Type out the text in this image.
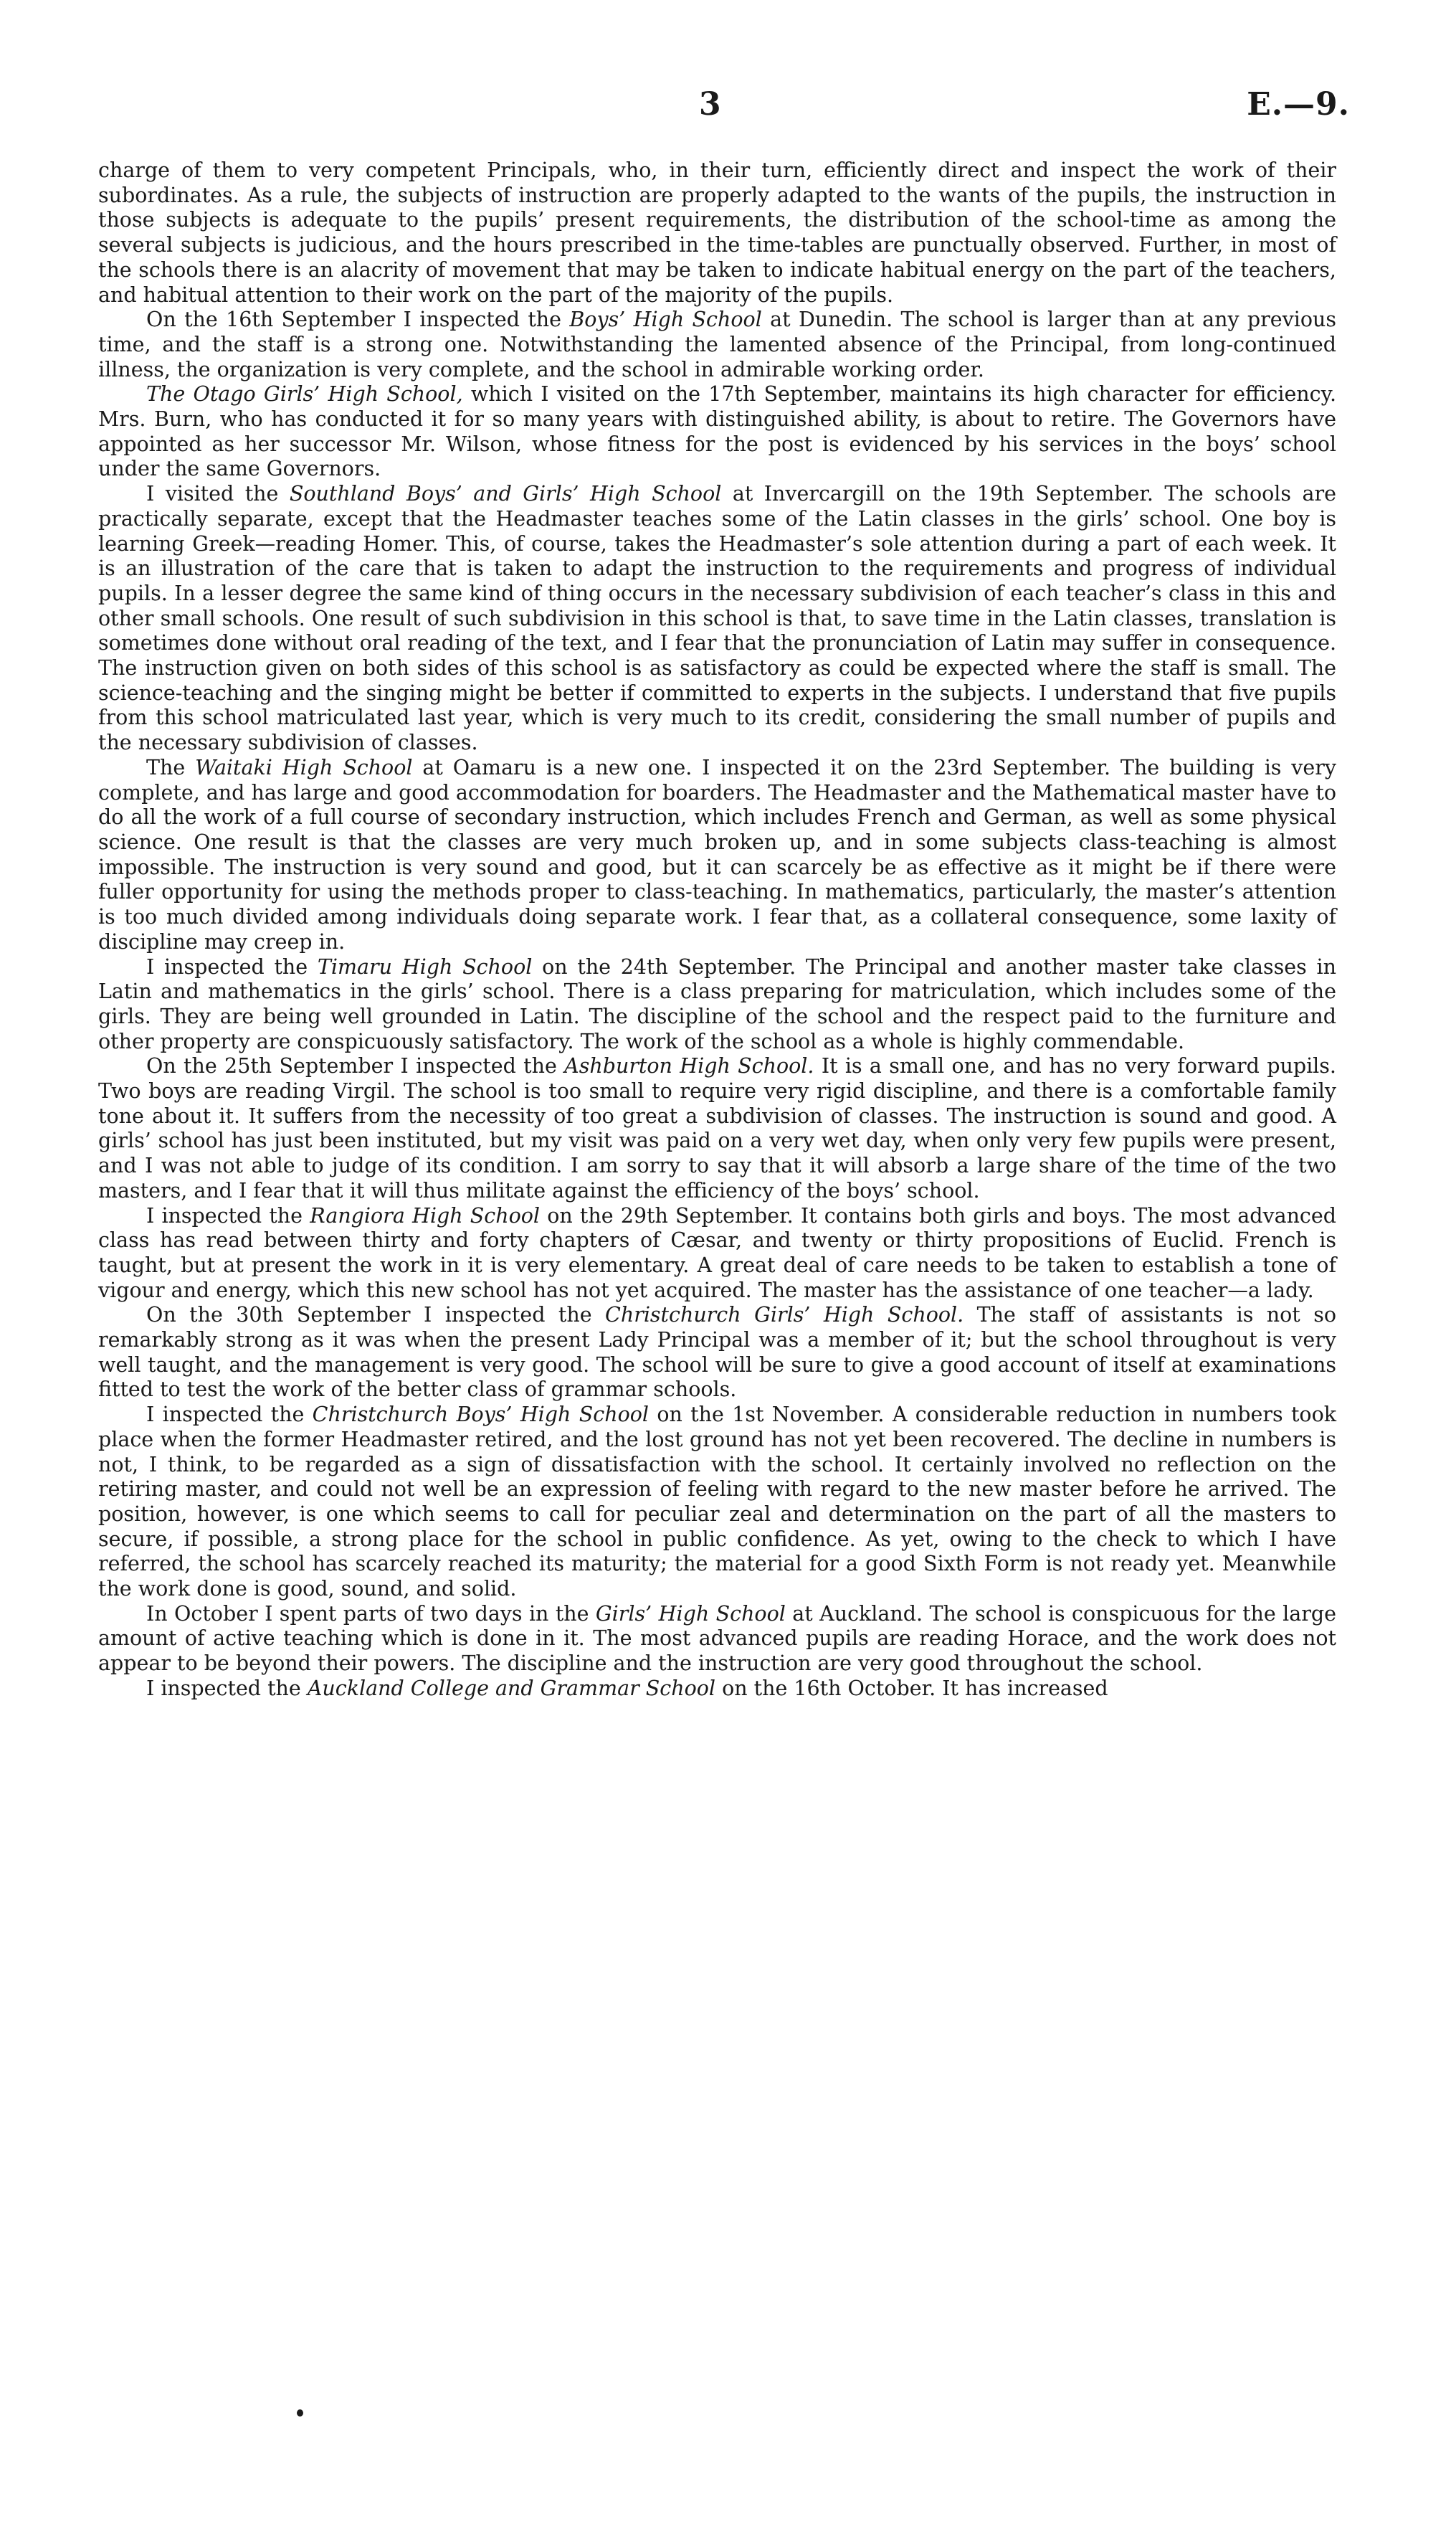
3	E.—9.

charge of them to very competent Principals, who, in their turn, efficiently direct and inspect the work of their subordinates. As a rule, the subjects of instruction are properly adapted to the wants of the pupils, the instruction in those subjects is adequate to the pupils’ present requirements, the distribution of the school-time as among the several subjects is judicious, and the hours prescribed in the time-tables are punctually observed. Further, in most of the schools there is an alacrity of movement that may be taken to indicate habitual energy on the part of the teachers, and habitual attention to their work on the part of the majority of the pupils.

On the 16th September I inspected the Boys’ High School at Dunedin. The school is larger than at any previous time, and the staff is a strong one. Notwithstanding the lamented absence of the Principal, from long-continued illness, the organization is very complete, and the school in admirable working order.

The Otago Girls’ High School, which I visited on the 17th September, maintains its high character for efficiency. Mrs. Burn, who has conducted it for so many years with distinguished ability, is about to retire. The Governors have appointed as her successor Mr. Wilson, whose fitness for the post is evidenced by his services in the boys’ school under the same Governors.

I visited the Southland Boys’ and Girls’ High School at Invercargill on the 19th September. The schools are practically separate, except that the Headmaster teaches some of the Latin classes in the girls’ school. One boy is learning Greek—reading Homer. This, of course, takes the Headmaster’s sole attention during a part of each week. It is an illustration of the care that is taken to adapt the instruction to the requirements and progress of individual pupils. In a lesser degree the same kind of thing occurs in the necessary subdivision of each teacher’s class in this and other small schools. One result of such subdivision in this school is that, to save time in the Latin classes, translation is sometimes done without oral reading of the text, and I fear that the pronunciation of Latin may suffer in consequence. The instruction given on both sides of this school is as satisfactory as could be expected where the staff is small. The science-teaching and the singing might be better if committed to experts in the subjects. I understand that five pupils from this school matriculated last year, which is very much to its credit, considering the small number of pupils and the necessary subdivision of classes.

The Waitaki High School at Oamaru is a new one. I inspected it on the 23rd September. The building is very complete, and has large and good accommodation for boarders. The Headmaster and the Mathematical master have to do all the work of a full course of secondary instruction, which includes French and German, as well as some physical science. One result is that the classes are very much broken up, and in some subjects class-teaching is almost impossible. The instruction is very sound and good, but it can scarcely be as effective as it might be if there were fuller opportunity for using the methods proper to class-teaching. In mathematics, particularly, the master’s attention is too much divided among individuals doing separate work. I fear that, as a collateral consequence, some laxity of discipline may creep in.

I inspected the Timaru High School on the 24th September. The Principal and another master take classes in Latin and mathematics in the girls’ school. There is a class preparing for matriculation, which includes some of the girls. They are being well grounded in Latin. The discipline of the school and the respect paid to the furniture and other property are conspicuously satisfactory. The work of the school as a whole is highly commendable.

On the 25th September I inspected the Ashburton High School. It is a small one, and has no very forward pupils. Two boys are reading Virgil. The school is too small to require very rigid discipline, and there is a comfortable family tone about it. It suffers from the necessity of too great a subdivision of classes. The instruction is sound and good. A girls’ school has just been instituted, but my visit was paid on a very wet day, when only very few pupils were present, and I was not able to judge of its condition. I am sorry to say that it will absorb a large share of the time of the two masters, and I fear that it will thus militate against the efficiency of the boys’ school.

I inspected the Rangiora High School on the 29th September. It contains both girls and boys. The most advanced class has read between thirty and forty chapters of Cæsar, and twenty or thirty propositions of Euclid. French is taught, but at present the work in it is very elementary. A great deal of care needs to be taken to establish a tone of vigour and energy, which this new school has not yet acquired. The master has the assistance of one teacher—a lady.

On the 30th September I inspected the Christchurch Girls’ High School. The staff of assistants is not so remarkably strong as it was when the present Lady Principal was a member of it; but the school throughout is very well taught, and the management is very good. The school will be sure to give a good account of itself at examinations fitted to test the work of the better class of grammar schools.

I inspected the Christchurch Boys’ High School on the 1st November. A considerable reduction in numbers took place when the former Headmaster retired, and the lost ground has not yet been recovered. The decline in numbers is not, I think, to be regarded as a sign of dissatisfaction with the school. It certainly involved no reflection on the retiring master, and could not well be an expression of feeling with regard to the new master before he arrived. The position, however, is one which seems to call for peculiar zeal and determination on the part of all the masters to secure, if possible, a strong place for the school in public confidence. As yet, owing to the check to which I have referred, the school has scarcely reached its maturity; the material for a good Sixth Form is not ready yet. Meanwhile the work done is good, sound, and solid.

In October I spent parts of two days in the Girls’ High School at Auckland. The school is conspicuous for the large amount of active teaching which is done in it. The most advanced pupils are reading Horace, and the work does not appear to be beyond their powers. The discipline and the instruction are very good throughout the school.

I inspected the Auckland College and Grammar School on the 16th October. It has increased
